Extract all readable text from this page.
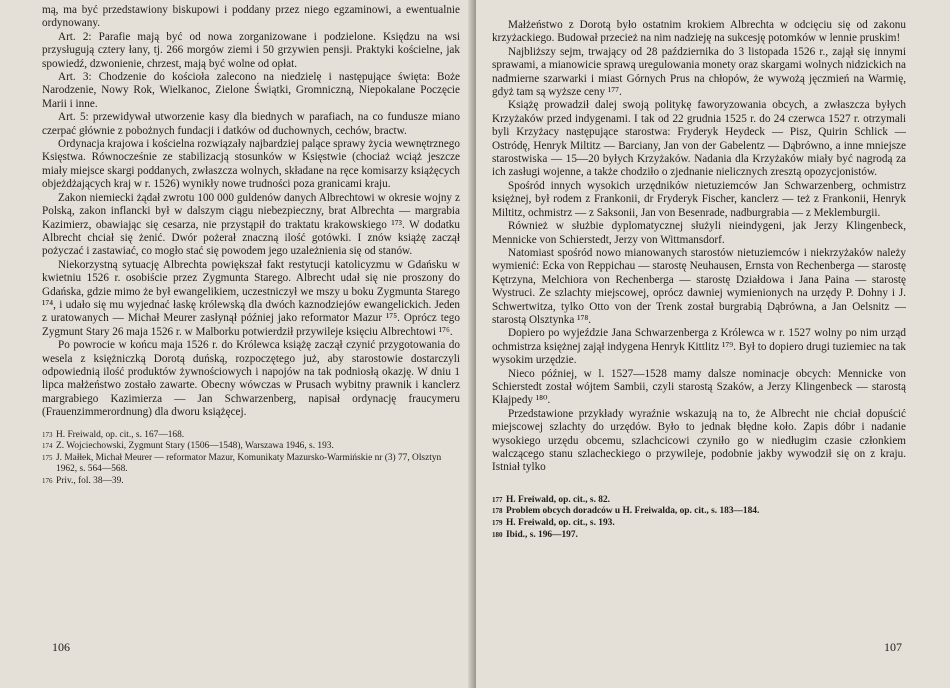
mą, ma być przedstawiony biskupowi i poddany przez niego egzaminowi, a ewentualnie ordynowany.

Art. 2: Parafie mają być od nowa zorganizowane i podzielone. Księdzu na wsi przysługują cztery łany, tj. 266 morgów ziemi i 50 grzywien pensji. Praktyki kościelne, jak spowiedź, dzwonienie, chrzest, mają być wolne od opłat.

Art. 3: Chodzenie do kościoła zalecono na niedzielę i następujące święta: Boże Narodzenie, Nowy Rok, Wielkanoc, Zielone Świątki, Gromniczną, Niepokalane Poczęcie Marii i inne.

Art. 5: przewidywał utworzenie kasy dla biednych w parafiach, na co fundusze miano czerpać głównie z pobożnych fundacji i datków od duchownych, cechów, bractw.

Ordynacja krajowa i kościelna rozwiązały najbardziej palące sprawy życia wewnętrznego Księstwa. Równocześnie ze stabilizacją stosunków w Księstwie (chociaż wciąż jeszcze miały miejsce skargi poddanych, zwłaszcza wolnych, składane na ręce komisarzy książęcych objeżdżających kraj w r. 1526) wynikły nowe trudności poza granicami kraju.

Zakon niemiecki żądał zwrotu 100 000 guldenów danych Albrechtowi w okresie wojny z Polską, zakon inflancki był w dalszym ciągu niebezpieczny, brat Albrechta — margrabia Kazimierz, obawiając się cesarza, nie przystąpił do traktatu krakowskiego ¹⁷³. W dodatku Albrecht chciał się żenić. Dwór pożerał znaczną ilość gotówki. I znów książę zaczął pożyczać i zastawiać, co mogło stać się powodem jego uzależnienia się od stanów.

Niekorzystną sytuację Albrechta powiększał fakt restytucji katolicyzmu w Gdańsku w kwietniu 1526 r. osobiście przez Zygmunta Starego. Albrecht udał się nie proszony do Gdańska, gdzie mimo że był ewangelikiem, uczestniczył we mszy u boku Zygmunta Starego ¹⁷⁴, i udało się mu wyjednać łaskę królewską dla dwóch kaznodziejów ewangelickich. Jeden z uratowanych — Michał Meurer zasłynął później jako reformator Mazur ¹⁷⁵. Oprócz tego Zygmunt Stary 26 maja 1526 r. w Malborku potwierdził przywileje księciu Albrechtowi ¹⁷⁶.

Po powrocie w końcu maja 1526 r. do Królewca książę zaczął czynić przygotowania do wesela z księżniczką Dorotą duńską, rozpoczętego już, aby starostowie dostarczyli odpowiednią ilość produktów żywnościowych i napojów na tak podniosłą okazję. W dniu 1 lipca małżeństwo zostało zawarte. Obecny wówczas w Prusach wybitny prawnik i kanclerz margrabiego Kazimierza — Jan Schwarzenberg, napisał ordynację fraucymeru (Frauenzimmerordnung) dla dworu książęcej.

173 H. Freiwald, op. cit., s. 167—168.

174 Z. Wojciechowski, Zygmunt Stary (1506—1548), Warszawa 1946, s. 193.

175 J. Małłek, Michał Meurer — reformator Mazur, Komunikaty Mazursko-Warmińskie nr (3) 77, Olsztyn 1962, s. 564—568.

176 Priv., fol. 38—39.

106

Małżeństwo z Dorotą było ostatnim krokiem Albrechta w odcięciu się od zakonu krzyżackiego. Budował przecież na nim nadzieję na sukcesję potomków w lennie pruskim!

Najbliższy sejm, trwający od 28 października do 3 listopada 1526 r., zajął się innymi sprawami, a mianowicie sprawą uregulowania monety oraz skargami wolnych nidzickich na nadmierne szarwarki i miast Górnych Prus na chłopów, że wywożą jęczmień na Warmię, gdyż tam są wyższe ceny ¹⁷⁷.

Książę prowadził dalej swoją politykę faworyzowania obcych, a zwłaszcza byłych Krzyżaków przed indygenami. I tak od 22 grudnia 1525 r. do 24 czerwca 1527 r. otrzymali byli Krzyżacy następujące starostwa: Fryderyk Heydeck — Pisz, Quirin Schlick — Ostródę, Henryk Miltitz — Barciany, Jan von der Gabelentz — Dąbrówno, a inne mniejsze starostwiska — 15—20 byłych Krzyżaków. Nadania dla Krzyżaków miały być nagrodą za ich zasługi wojenne, a także chodziło o zjednanie nielicznych zresztą opozycjonistów.

Spośród innych wysokich urzędników nietuziemców Jan Schwarzenberg, ochmistrz księżnej, był rodem z Frankonii, dr Fryderyk Fischer, kanclerz — też z Frankonii, Henryk Miltitz, ochmistrz — z Saksonii, Jan von Besenrade, nadburgrabia — z Meklemburgii.

Również w służbie dyplomatycznej służyli nieindygeni, jak Jerzy Klingenbeck, Mennicke von Schierstedt, Jerzy von Wittmansdorf.

Natomiast spośród nowo mianowanych starostów nietuziemców i niekrzyżaków należy wymienić: Ecka von Reppichau — starostę Neuhausen, Ernsta von Rechenberga — starostę Kętrzyna, Melchiora von Rechenberga — starostę Działdowa i Jana Paina — starostę Wystruci. Ze szlachty miejscowej, oprócz dawniej wymienionych na urzędy P. Dohny i J. Schwertwitza, tylko Otto von der Trenk został burgrabią Dąbrówna, a Jan Oelsnitz — starostą Olsztynka ¹⁷⁸.

Dopiero po wyjeździe Jana Schwarzenberga z Królewca w r. 1527 wolny po nim urząd ochmistrza księżnej zajął indygena Henryk Kittlitz ¹⁷⁹. Był to dopiero drugi tuziemiec na tak wysokim urzędzie.

Nieco później, w l. 1527—1528 mamy dalsze nominacje obcych: Mennicke von Schierstedt został wójtem Sambii, czyli starostą Szaków, a Jerzy Klingenbeck — starostą Kłajpedy ¹⁸⁰.

Przedstawione przykłady wyraźnie wskazują na to, że Albrecht nie chciał dopuścić miejscowej szlachty do urzędów. Było to jednak błędne koło. Zapis dóbr i nadanie wysokiego urzędu obcemu, szlachcicowi czyniło go w niedługim czasie członkiem walczącego stanu szlacheckiego o przywileje, podobnie jakby wywodził się on z kraju. Istniał tylko

177 H. Freiwald, op. cit., s. 82.

178 Problem obcych doradców u H. Freiwalda, op. cit., s. 183—184.

179 H. Freiwald, op. cit., s. 193.

180 Ibid., s. 196—197.

107
